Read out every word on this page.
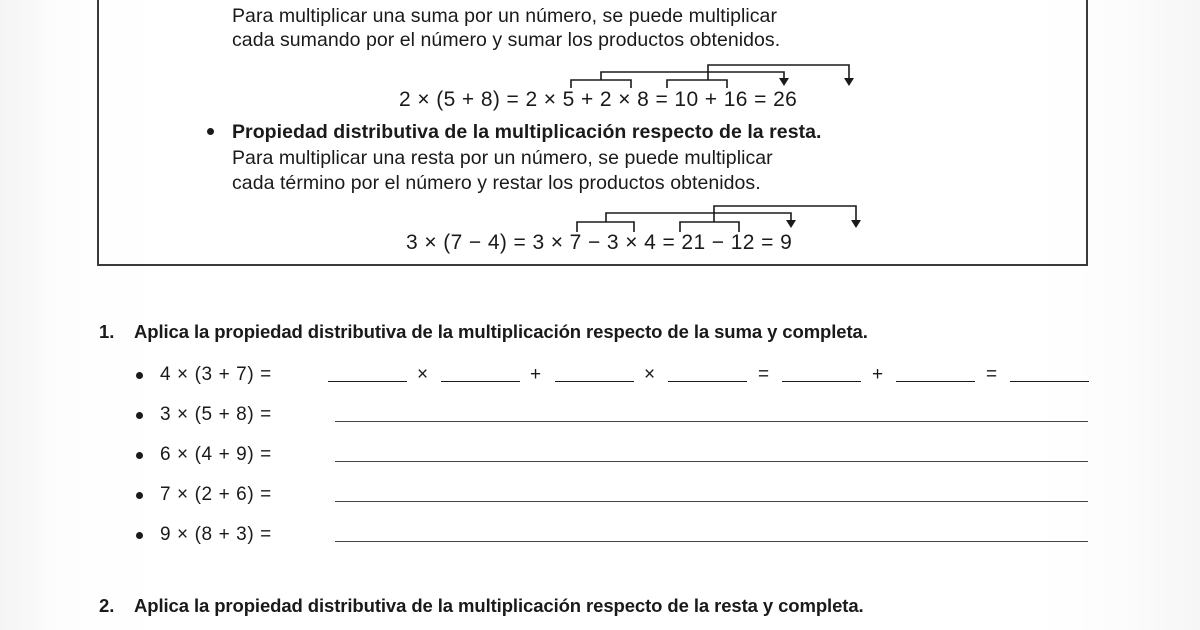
Para multiplicar una suma por un número, se puede multiplicar
cada sumando por el número y sumar los productos obtenidos.
2 × (5 + 8) = 2 × 5 + 2 × 8 = 10 + 16 = 26
Propiedad distributiva de la multiplicación respecto de la resta.
Para multiplicar una resta por un número, se puede multiplicar
cada término por el número y restar los productos obtenidos.
3 × (7 − 4) = 3 × 7 − 3 × 4 = 21 − 12 = 9
1. Aplica la propiedad distributiva de la multiplicación respecto de la suma y completa.
4 × (3 + 7) =	×	+	×	=	+	=
3 × (5 + 8) =
6 × (4 + 9) =
7 × (2 + 6) =
9 × (8 + 3) =
2. Aplica la propiedad distributiva de la multiplicación respecto de la resta y completa.
